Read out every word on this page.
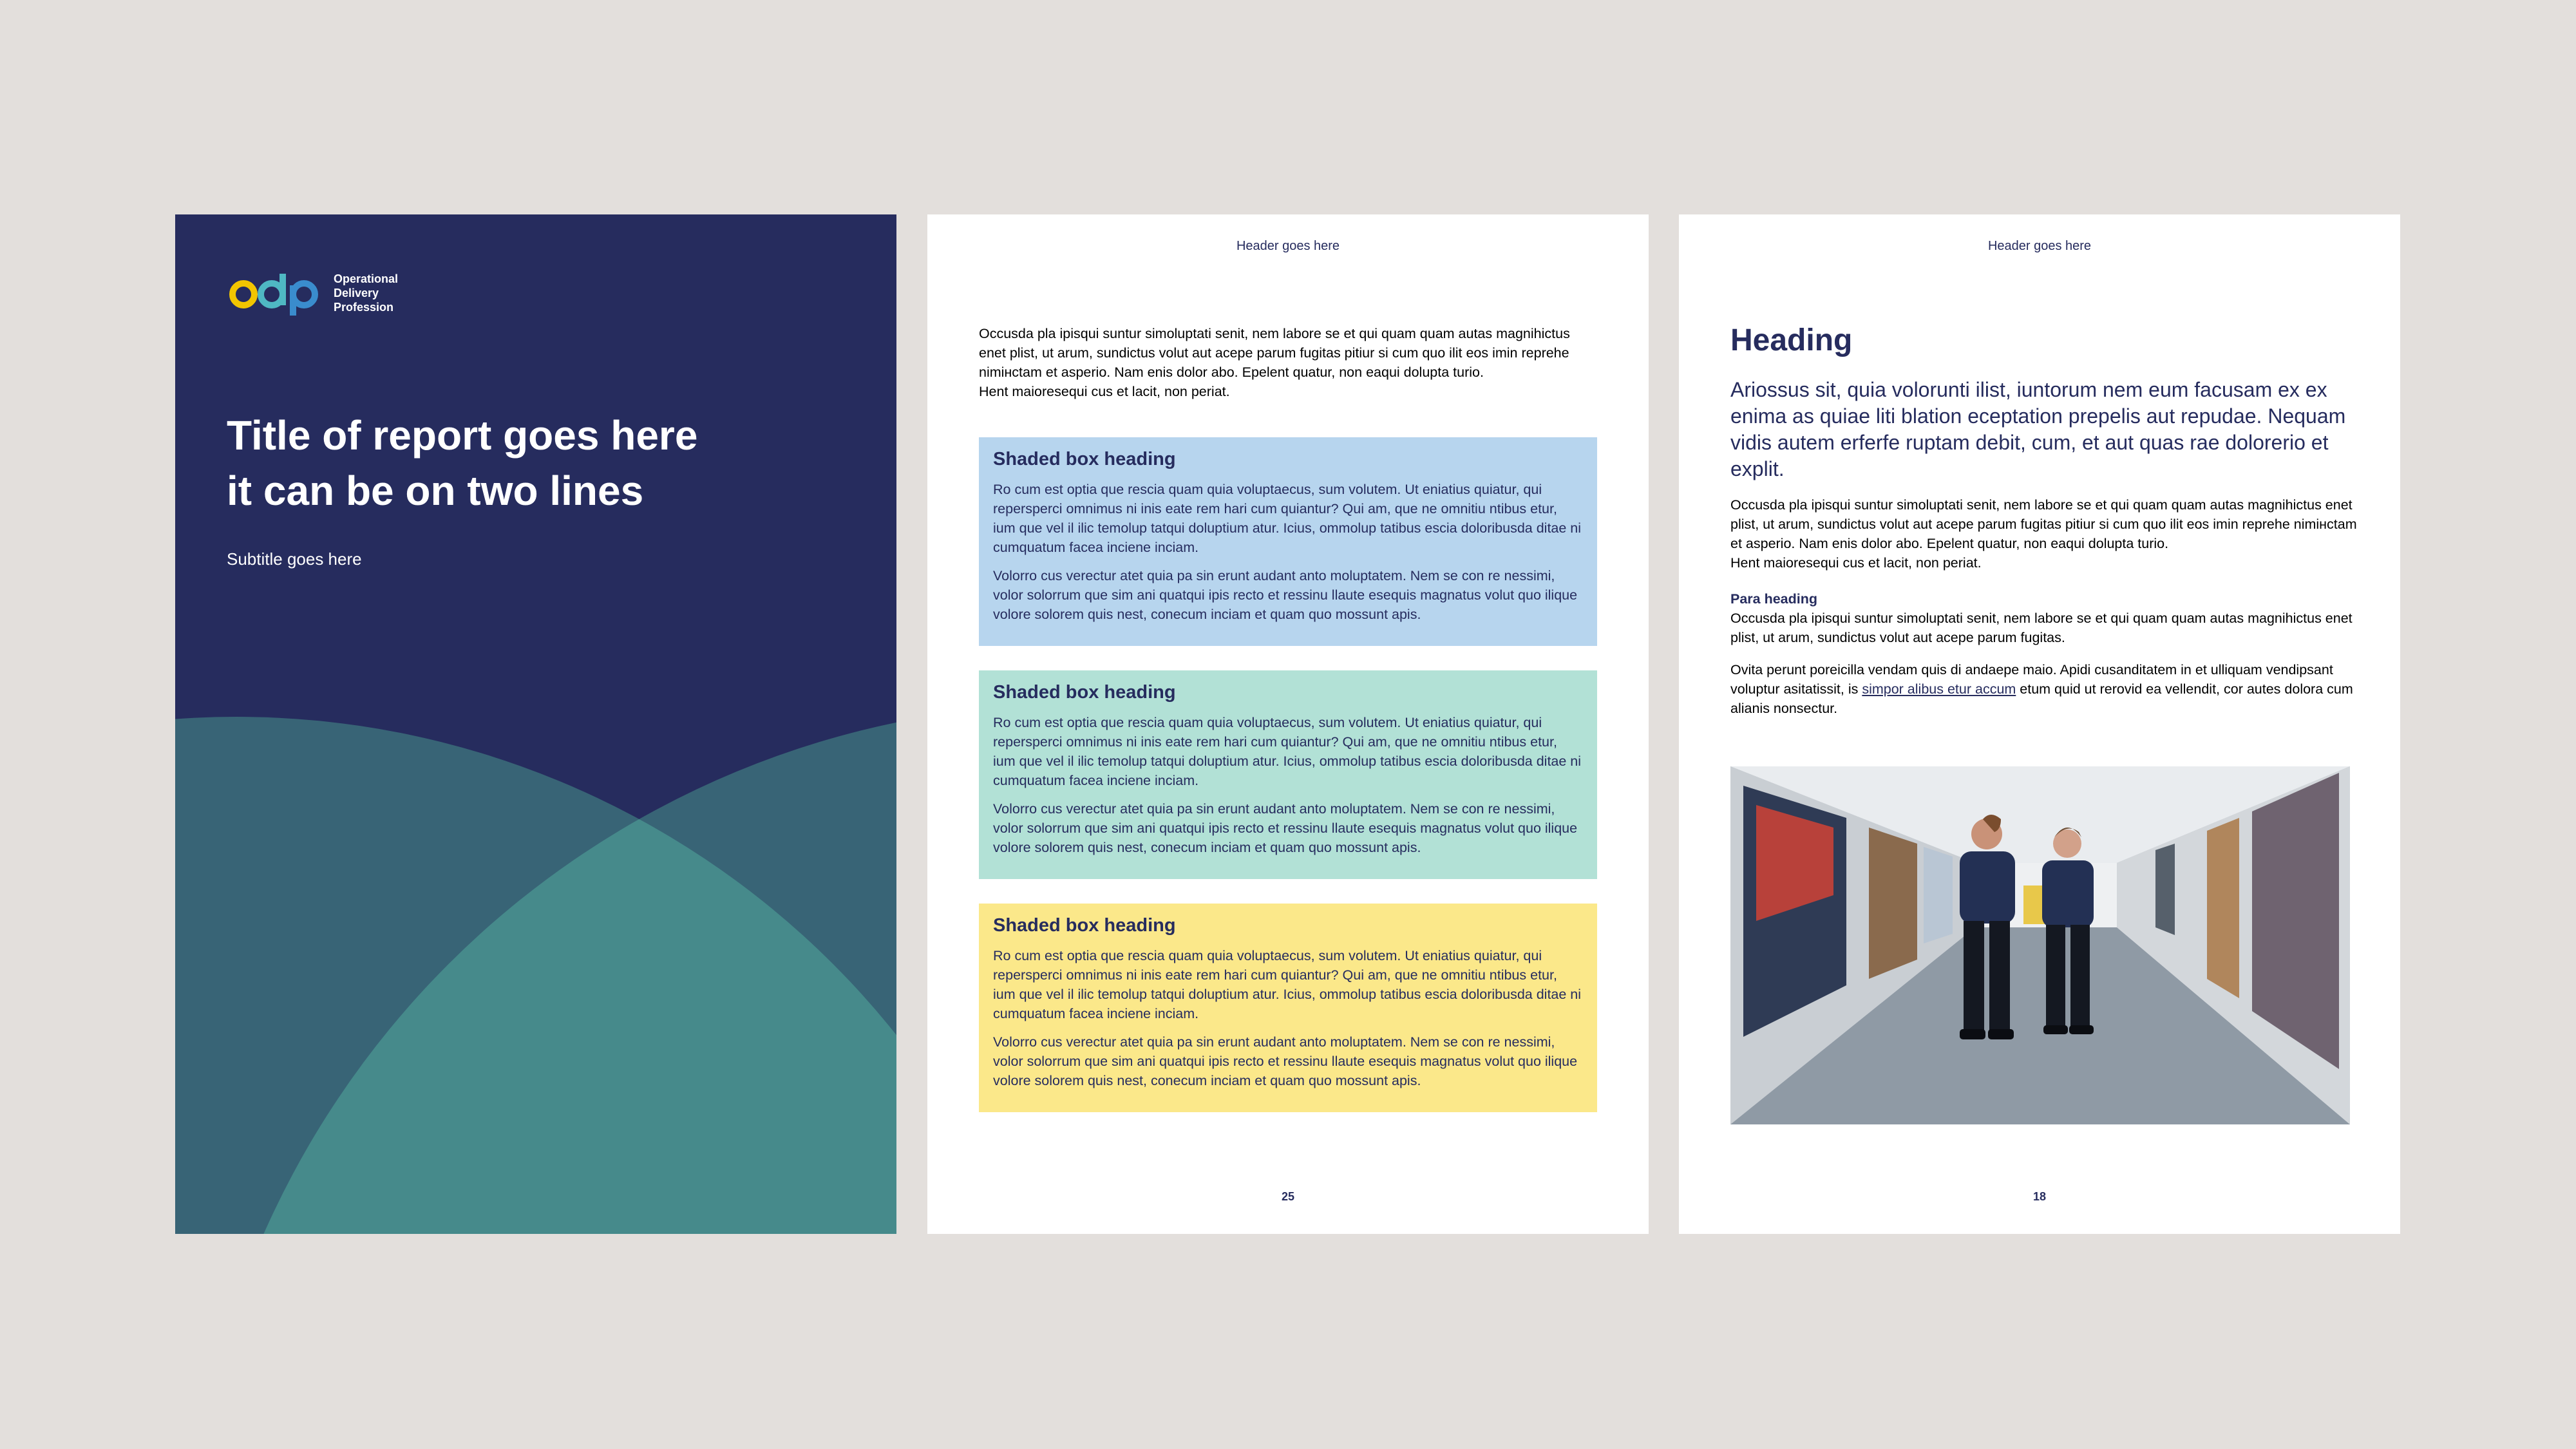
Operational
Delivery
Profession
Title of report goes here
it can be on two lines
Subtitle goes here
Header goes here

Occusda pla ipisqui suntur simoluptati senit, nem labore se et qui quam quam autas magnihictus enet plist, ut arum, sundictus volut aut acepe parum fugitas pitiur si cum quo ilit eos imin reprehe nimінctam et asperio. Nam enis dolor abo. Epelent quatur, non eaqui dolupta turio.

Hent maioresequi cus et lacit, non periat.

Shaded box heading

Ro cum est optia que rescia quam quia voluptaecus, sum volutem. Ut eniatius quiatur, qui repersperci omnimus ni inis eate rem hari cum quiantur? Qui am, que ne omnitiu ntibus etur, ium que vel il ilic temolup tatqui doluptium atur. Icius, ommolup tatibus escia doloribusda ditae ni cumquatum facea inciene inciam.

Volorro cus verectur atet quia pa sin erunt audant anto moluptatem. Nem se con re nessimi, volor solorrum que sim ani quatqui ipis recto et ressinu llaute esequis magnatus volut quo ilique volore solorem quis nest, conecum inciam et quam quo mossunt apis.

Shaded box heading

Ro cum est optia que rescia quam quia voluptaecus, sum volutem. Ut eniatius quiatur, qui repersperci omnimus ni inis eate rem hari cum quiantur? Qui am, que ne omnitiu ntibus etur, ium que vel il ilic temolup tatqui doluptium atur. Icius, ommolup tatibus escia doloribusda ditae ni cumquatum facea inciene inciam.

Volorro cus verectur atet quia pa sin erunt audant anto moluptatem. Nem se con re nessimi, volor solorrum que sim ani quatqui ipis recto et ressinu llaute esequis magnatus volut quo ilique volore solorem quis nest, conecum inciam et quam quo mossunt apis.

Shaded box heading

Ro cum est optia que rescia quam quia voluptaecus, sum volutem. Ut eniatius quiatur, qui repersperci omnimus ni inis eate rem hari cum quiantur? Qui am, que ne omnitiu ntibus etur, ium que vel il ilic temolup tatqui doluptium atur. Icius, ommolup tatibus escia doloribusda ditae ni cumquatum facea inciene inciam.

Volorro cus verectur atet quia pa sin erunt audant anto moluptatem. Nem se con re nessimi, volor solorrum que sim ani quatqui ipis recto et ressinu llaute esequis magnatus volut quo ilique volore solorem quis nest, conecum inciam et quam quo mossunt apis.

25
Header goes here
Heading

Ariossus sit, quia volorunti ilist, iuntorum nem eum facusam ex ex enima as quiae liti blation eceptation prepelis aut repudae. Nequam vidis autem erferfe ruptam debit, cum, et aut quas rae dolorerio et explit.

Occusda pla ipisqui suntur simoluptati senit, nem labore se et qui quam quam autas magnihictus enet plist, ut arum, sundictus volut aut acepe parum fugitas pitiur si cum quo ilit eos imin reprehe nimінctam et asperio. Nam enis dolor abo. Epelent quatur, non eaqui dolupta turio.

Hent maioresequi cus et lacit, non periat.

Para heading

Occusda pla ipisqui suntur simoluptati senit, nem labore se et qui quam quam autas magnihictus enet plist, ut arum, sundictus volut aut acepe parum fugitas.

Ovita perunt poreicilla vendam quis di andaepe maio. Apidi cusanditatem in et ulliquam vendipsant voluptur asitatissit, is simpor alibus etur accum etum quid ut rerovid ea vellendit, cor autes dolora cum alianis nonsectur.

18
